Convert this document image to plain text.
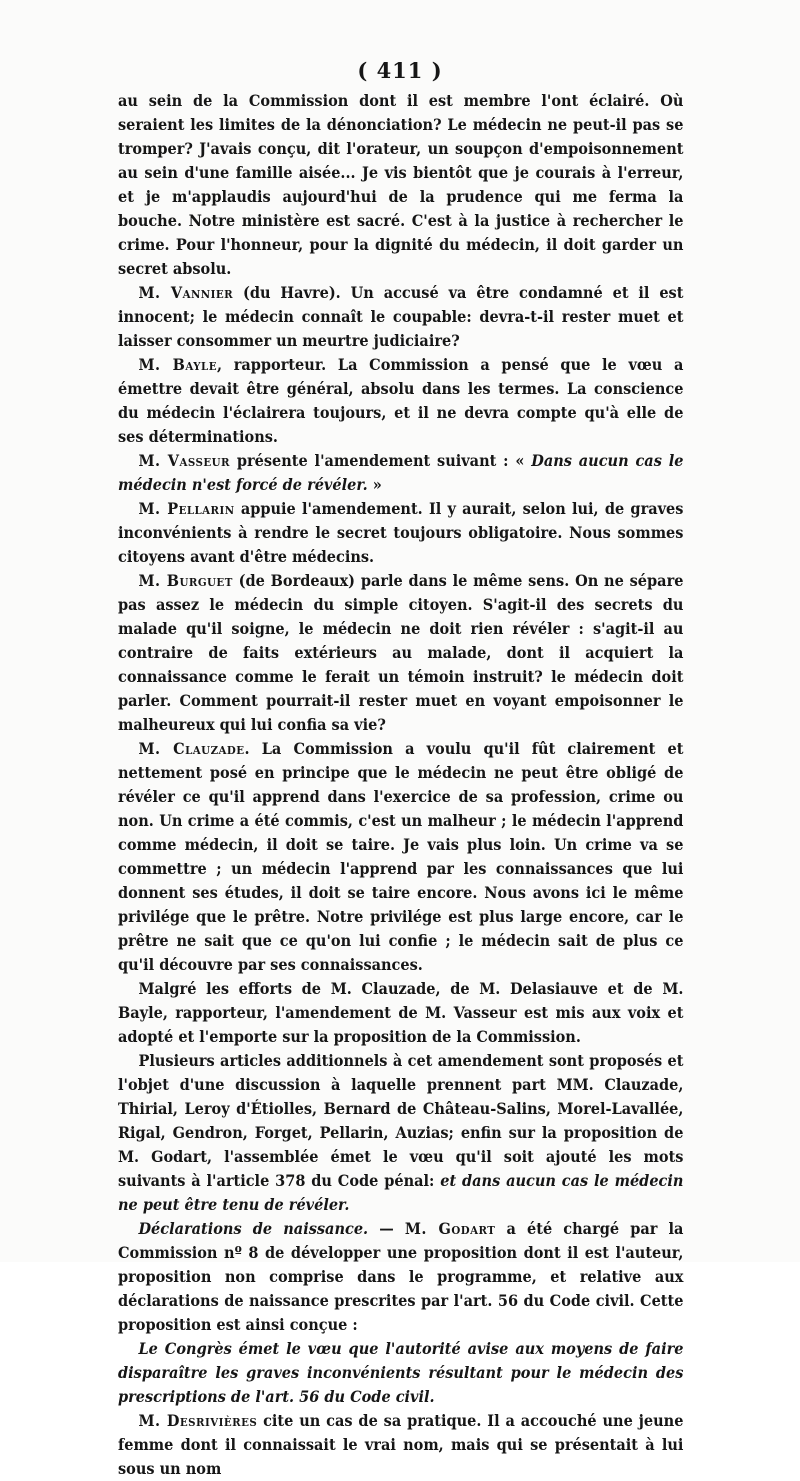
( 411 )

au sein de la Commission dont il est membre l'ont éclairé. Où seraient les limites de la dénonciation? Le médecin ne peut-il pas se tromper? J'avais conçu, dit l'orateur, un soupçon d'empoisonnement au sein d'une famille aisée... Je vis bientôt que je courais à l'erreur, et je m'applaudis aujourd'hui de la prudence qui me ferma la bouche. Notre ministère est sacré. C'est à la justice à rechercher le crime. Pour l'honneur, pour la dignité du médecin, il doit garder un secret absolu.

M. Vannier (du Havre). Un accusé va être condamné et il est innocent; le médecin connaît le coupable: devra-t-il rester muet et laisser consommer un meurtre judiciaire?

M. Bayle, rapporteur. La Commission a pensé que le vœu a émettre devait être général, absolu dans les termes. La conscience du médecin l'éclairera toujours, et il ne devra compte qu'à elle de ses déterminations.

M. Vasseur présente l'amendement suivant : « Dans aucun cas le médecin n'est forcé de révéler. »

M. Pellarin appuie l'amendement. Il y aurait, selon lui, de graves inconvénients à rendre le secret toujours obligatoire. Nous sommes citoyens avant d'être médecins.

M. Burguet (de Bordeaux) parle dans le même sens. On ne sépare pas assez le médecin du simple citoyen. S'agit-il des secrets du malade qu'il soigne, le médecin ne doit rien révéler : s'agit-il au contraire de faits extérieurs au malade, dont il acquiert la connaissance comme le ferait un témoin instruit? le médecin doit parler. Comment pourrait-il rester muet en voyant empoisonner le malheureux qui lui confia sa vie?

M. Clauzade. La Commission a voulu qu'il fût clairement et nettement posé en principe que le médecin ne peut être obligé de révéler ce qu'il apprend dans l'exercice de sa profession, crime ou non. Un crime a été commis, c'est un malheur ; le médecin l'apprend comme médecin, il doit se taire. Je vais plus loin. Un crime va se commettre ; un médecin l'apprend par les connaissances que lui donnent ses études, il doit se taire encore. Nous avons ici le même privilége que le prêtre. Notre privilége est plus large encore, car le prêtre ne sait que ce qu'on lui confie ; le médecin sait de plus ce qu'il découvre par ses connaissances.

Malgré les efforts de M. Clauzade, de M. Delasiauve et de M. Bayle, rapporteur, l'amendement de M. Vasseur est mis aux voix et adopté et l'emporte sur la proposition de la Commission.

Plusieurs articles additionnels à cet amendement sont proposés et l'objet d'une discussion à laquelle prennent part MM. Clauzade, Thirial, Leroy d'Étiolles, Bernard de Château-Salins, Morel-Lavallée, Rigal, Gendron, Forget, Pellarin, Auzias; enfin sur la proposition de M. Godart, l'assemblée émet le vœu qu'il soit ajouté les mots suivants à l'article 378 du Code pénal: et dans aucun cas le médecin ne peut être tenu de révéler.

Déclarations de naissance. — M. Godart a été chargé par la Commission nº 8 de développer une proposition dont il est l'auteur, proposition non comprise dans le programme, et relative aux déclarations de naissance prescrites par l'art. 56 du Code civil. Cette proposition est ainsi conçue :

Le Congrès émet le vœu que l'autorité avise aux moyens de faire disparaître les graves inconvénients résultant pour le médecin des prescriptions de l'art. 56 du Code civil.

M. Desrivières cite un cas de sa pratique. Il a accouché une jeune femme dont il connaissait le vrai nom, mais qui se présentait à lui sous un nom
